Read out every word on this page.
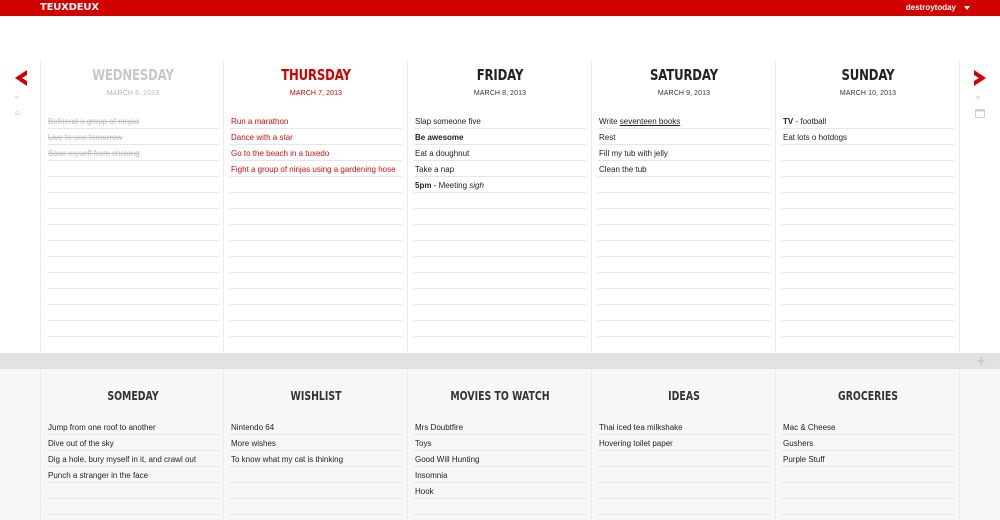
TEUXDEUX	destroytoday
«
⌂
»
WEDNESDAY
MARCH 6, 2013
Befriend a group of ninjas
Live to see tomorrow
Save myself from choking
THURSDAY
MARCH 7, 2013
Run a marathon
Dance with a star
Go to the beach in a tuxedo
Fight a group of ninjas using a gardening hose
FRIDAY
MARCH 8, 2013
Slap someone five
Be awesome
Eat a doughnut
Take a nap
5pm - Meeting sigh
SATURDAY
MARCH 9, 2013
Write seventeen books
Rest
Fill my tub with jelly
Clean the tub
SUNDAY
MARCH 10, 2013
TV - football
Eat lots o hotdogs
+
SOMEDAY
Jump from one roof to another
Dive out of the sky
Dig a hole, bury myself in it, and crawl out
Punch a stranger in the face
WISHLIST
Nintendo 64
More wishes
To know what my cat is thinking
MOVIES TO WATCH
Mrs Doubtfire
Toys
Good Will Hunting
Insomnia
Hook
IDEAS
Thai iced tea milkshake
Hovering toilet paper
GROCERIES
Mac & Cheese
Gushers
Purple Stuff
